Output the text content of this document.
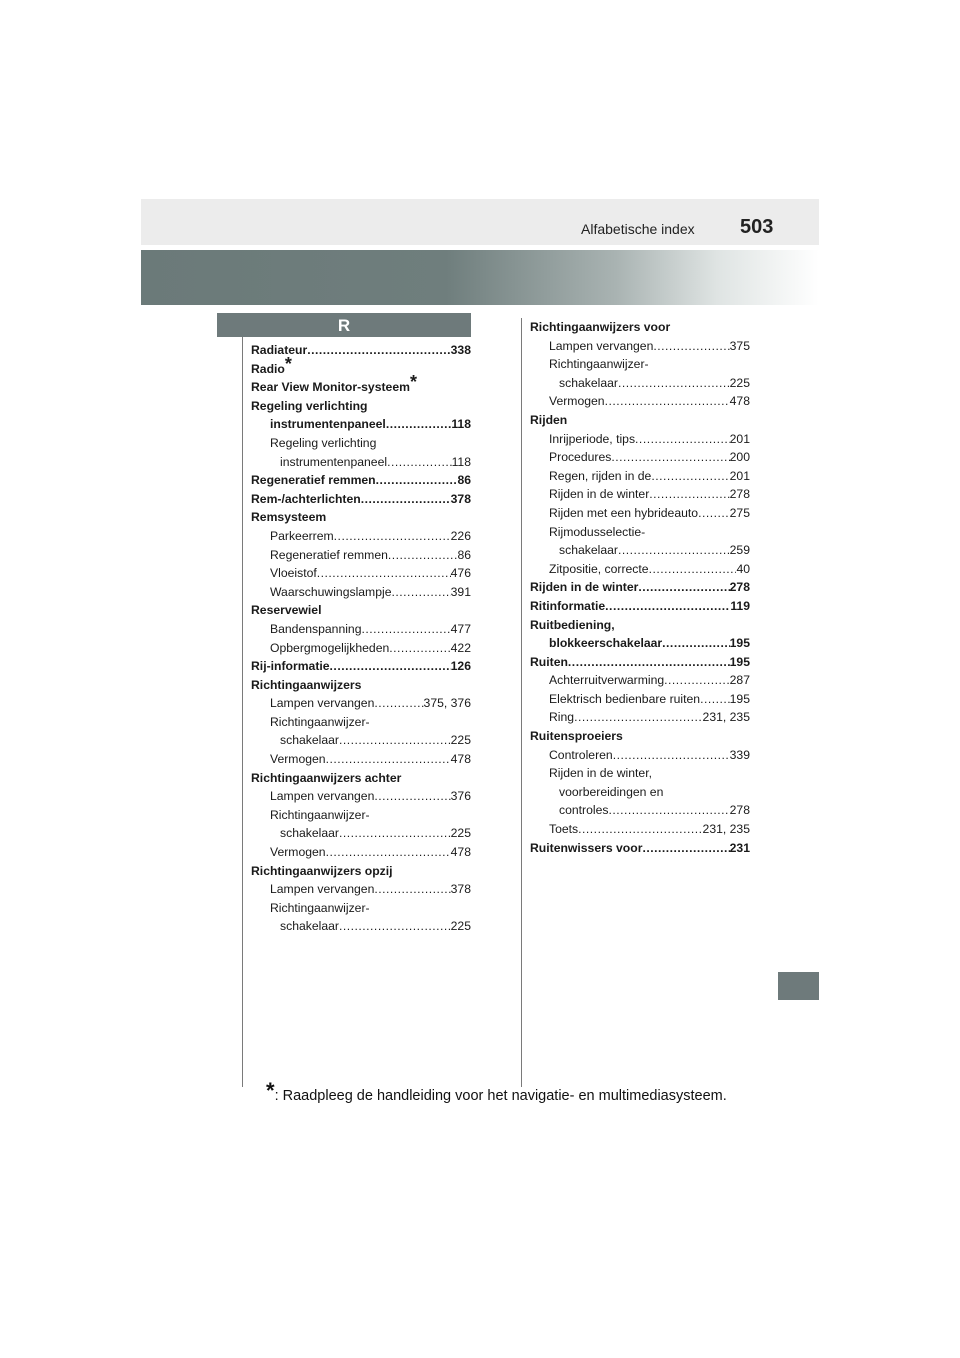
Alfabetische index 503
R
Radiateur .....	338
Radio*
Rear View Monitor-systeem*
Regeling verlichting
instrumentenpaneel .....	118
Regeling verlichting
instrumentenpaneel .....	118
Regeneratief remmen .....	86
Rem-/achterlichten .....	378
Remsysteem
Parkeerrem .....	226
Regeneratief remmen .....	86
Vloeistof .....	476
Waarschuwingslampje .....	391
Reservewiel
Bandenspanning .....	477
Opbergmogelijkheden .....	422
Rij-informatie .....	126
Richtingaanwijzers
Lampen vervangen .....	375, 376
Richtingaanwijzer-
schakelaar .....	225
Vermogen .....	478
Richtingaanwijzers achter
Lampen vervangen .....	376
Richtingaanwijzer-
schakelaar .....	225
Vermogen .....	478
Richtingaanwijzers opzij
Lampen vervangen .....	378
Richtingaanwijzer-
schakelaar .....	225
Richtingaanwijzers voor
Lampen vervangen .....	375
Richtingaanwijzer-
schakelaar .....	225
Vermogen .....	478
Rijden
Inrijperiode, tips .....	201
Procedures .....	200
Regen, rijden in de .....	201
Rijden in de winter .....	278
Rijden met een hybrideauto .....	275
Rijmodusselectie-
schakelaar .....	259
Zitpositie, correcte .....	40
Rijden in de winter .....	278
Ritinformatie .....	119
Ruitbediening,
blokkeerschakelaar .....	195
Ruiten .....	195
Achterruitverwarming .....	287
Elektrisch bedienbare ruiten ..... 195
Ring .....	231, 235
Ruitensproeiers
Controleren .....	339
Rijden in de winter,
voorbereidingen en
controles .....	278
Toets .....	231, 235
Ruitenwissers voor .....	231
*: Raadpleeg de handleiding voor het navigatie- en multimediasysteem.
